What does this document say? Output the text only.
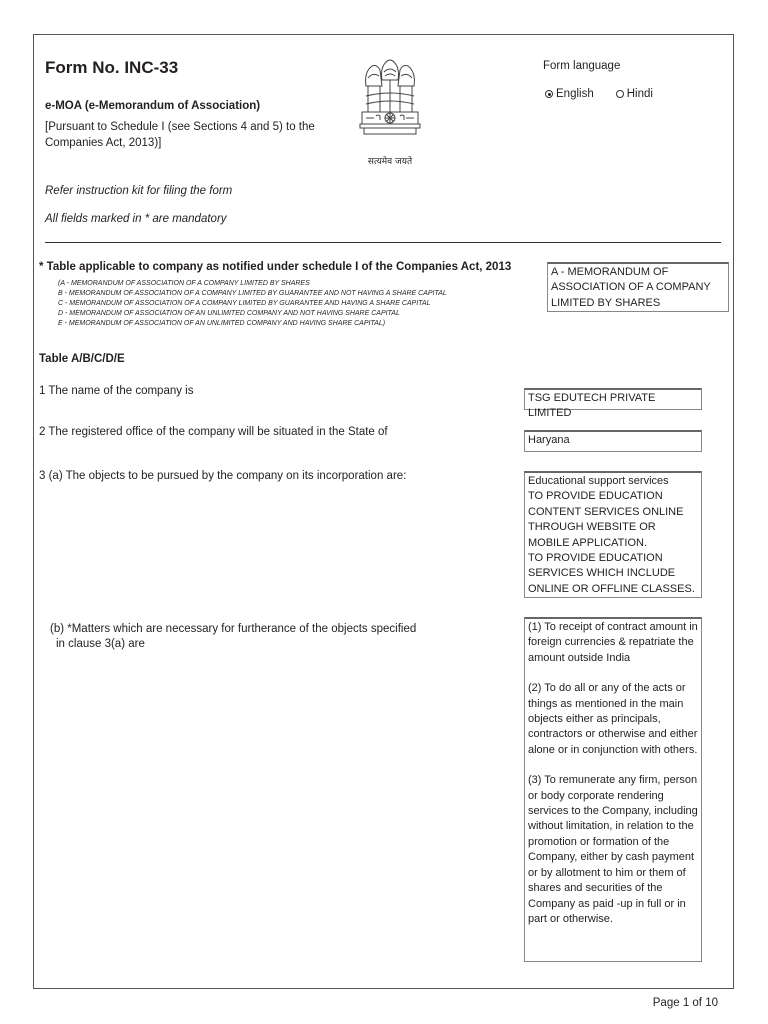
Form No. INC-33
e-MOA (e-Memorandum of Association)
[Pursuant to Schedule I (see Sections 4 and 5) to the Companies Act, 2013)]
सत्यमेव जयते
Form language
English	Hindi
Refer instruction kit for filing the form
All fields marked in * are mandatory
* Table applicable to company as notified under schedule I of the Companies Act, 2013
(A - MEMORANDUM OF ASSOCIATION OF A COMPANY LIMITED BY SHARES
B - MEMORANDUM OF ASSOCIATION OF A COMPANY LIMITED BY GUARANTEE AND NOT HAVING A SHARE CAPITAL
C - MEMORANDUM OF ASSOCIATION OF A COMPANY LIMITED BY GUARANTEE AND HAVING A SHARE CAPITAL
D - MEMORANDUM OF ASSOCIATION OF AN UNLIMITED COMPANY AND NOT HAVING SHARE CAPITAL
E - MEMORANDUM OF ASSOCIATION OF AN UNLIMITED COMPANY AND HAVING SHARE CAPITAL)
A - MEMORANDUM OF ASSOCIATION OF A COMPANY LIMITED BY SHARES
Table A/B/C/D/E
1 The name of the company is
TSG EDUTECH PRIVATE LIMITED
2 The registered office of the company will be situated in the State of
Haryana
3 (a) The objects to be pursued by the company on its incorporation are:	Educational support services
TO PROVIDE EDUCATION CONTENT SERVICES ONLINE THROUGH WEBSITE OR MOBILE APPLICATION.
TO PROVIDE EDUCATION SERVICES WHICH INCLUDE ONLINE OR OFFLINE CLASSES.
(b) *Matters which are necessary for furtherance of the objects specified
in clause 3(a) are

(1) To receipt of contract amount in foreign currencies & repatriate the amount outside India

(2) To do all or any of the acts or things as mentioned in the main objects either as principals, contractors or otherwise and either alone or in conjunction with others.

(3) To remunerate any firm, person or body corporate rendering services to the Company, including without limitation, in relation to the promotion or formation of the Company, either by cash payment or by allotment to him or them of shares and securities of the Company as paid -up in full or in part or otherwise.

Page 1 of 10
